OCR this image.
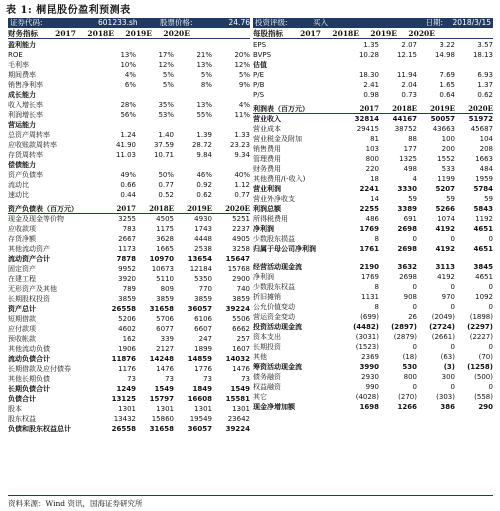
表 1: 桐昆股份盈利预测表
证券代码:	601233.sh	股票价格:	24.76 投资评级:	买入	日期:	2018/3/15
财务指标	2017	2018E	2019E	2020E	每股指标	2017	2018E	2019E	2020E
盈利能力
ROE	13%	17%	21%	20%
毛利率	10%	12%	13%	12%
期间费率	4%	5%	5%	5%
销售净利率	6%	5%	8%	9%
成长能力
收入增长率	28%	35%	13%	4%
利润增长率	56%	53%	55%	11%
营运能力
总资产周转率	1.24	1.40	1.39	1.33
应收账款周转率	41.90	37.59	28.72	23.23
存货周转率	11.03	10.71	9.84	9.34
偿债能力
资产负债率	49%	50%	46%	40%
流动比	0.66	0.77	0.92	1.12
速动比	0.44	0.52	0.62	0.77
资产负债表（百万元）	2017	2018E	2019E	2020E
现金及现金等价物	3255	4505	4930	5251
应收款项	783	1175	1743	2237
存货净额	2667	3628	4448	4905
其他流动资产	1173	1665	2538	3258
流动资产合计	7878	10970	13654	15647
固定资产	9952	10673	12184	15768
在建工程	3920	5110	5350	2900
无形资产及其他	789	809	770	740
长期股权投资	3859	3859	3859	3859
资产总计	26558	31658	36057	39224
短期借款	5206	5706	6106	5506
应付款项	4602	6077	6607	6662
预收帐款	162	339	247	257
其他流动负债	1906	2127	1899	1607
流动负债合计	11876	14248	14859	14032
长期借款及应付债券	1176	1476	1776	1476
其他长期负债	73	73	73	73
长期负债合计	1249	1549	1849	1549
负债合计	13125	15797	16608	15581
股本	1301	1301	1301	1301
股东权益	13432	15860	19549	23642
负债和股东权益总计	26558	31658	36057	39224
EPS	1.35	2.07	3.22	3.57
BVPS	10.28	12.15	14.98	18.13
估值
P/E	18.30	11.94	7.69	6.93
P/B	2.41	2.04	1.65	1.37
P/S	0.98	0.73	0.64	0.62
利润表（百万元）	2017	2018E	2019E	2020E
营业收入	32814	44167	50057	51972
营业成本	29415	38752	43663	45687
营业税金及附加	81	88	100	104
销售费用	103	177	200	208
管理费用	800	1325	1552	1663
财务费用	220	498	533	484
其他费用/(-收入)	18	4	1199	1959
营业利润	2241	3330	5207	5784
营业外净收支	14	59	59	59
利润总额	2255	3389	5266	5843
所得税费用	486	691	1074	1192
净利润	1769	2698	4192	4651
少数股东损益	8	0	0	0
归属于母公司净利润	1761	2698	4192	4651
经营活动现金流	2190	3632	3113	3845
净利润	1769	2698	4192	4651
少数股东权益	8	0	0	0
折旧摊销	1131	908	970	1092
公允价值变动	8	0	0	0
营运资金变动	(699)	26	(2049)	(1898)
投资活动现金流	(4482)	(2897)	(2724)	(2297)
资本支出	(3031)	(2879)	(2661)	(2227)
长期投资	(1523)	0	0	0
其他	2369	(18)	(63)	(70)
筹资活动现金流	3990	530	(3)	(1258)
债务融资	2930	800	300	(500)
权益融资	990	0	0	0
其它	(4028)	(270)	(303)	(558)
现金净增加额	1698	1266	386	290
资料来源：Wind 资讯，国海证券研究所
